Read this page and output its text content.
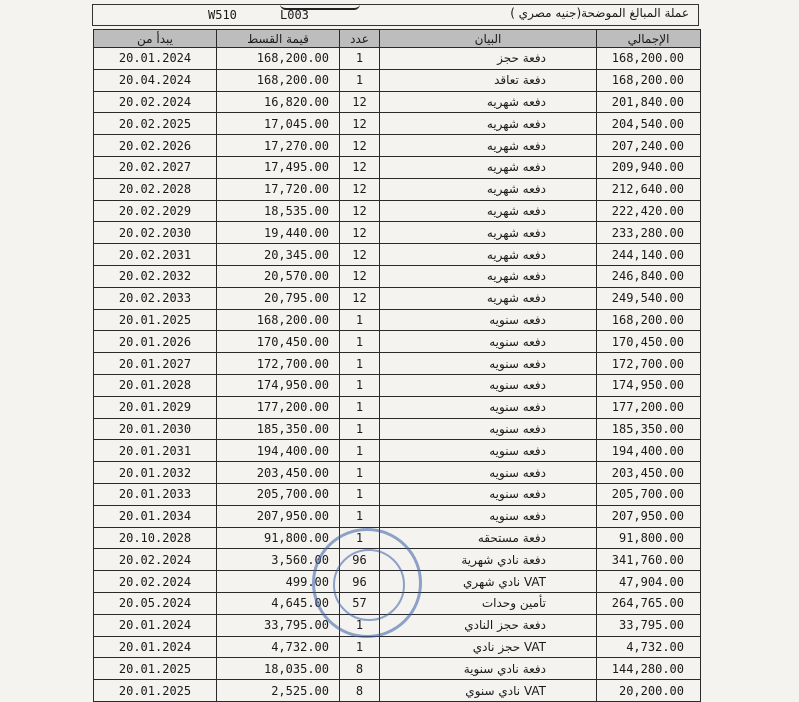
W510	L003	عملة المبالغ الموضحة(جنيه مصري )
يبدأ من	قيمة القسط	عدد	البيان	الإجمالي
20.01.2024	168,200.00	1	دفعة حجز	168,200.00
20.04.2024	168,200.00	1	دفعة تعاقد	168,200.00
20.02.2024	16,820.00	12	دفعه شهريه	201,840.00
20.02.2025	17,045.00	12	دفعه شهريه	204,540.00
20.02.2026	17,270.00	12	دفعه شهريه	207,240.00
20.02.2027	17,495.00	12	دفعه شهريه	209,940.00
20.02.2028	17,720.00	12	دفعه شهريه	212,640.00
20.02.2029	18,535.00	12	دفعه شهريه	222,420.00
20.02.2030	19,440.00	12	دفعه شهريه	233,280.00
20.02.2031	20,345.00	12	دفعه شهريه	244,140.00
20.02.2032	20,570.00	12	دفعه شهريه	246,840.00
20.02.2033	20,795.00	12	دفعه شهريه	249,540.00
20.01.2025	168,200.00	1	دفعه سنويه	168,200.00
20.01.2026	170,450.00	1	دفعه سنويه	170,450.00
20.01.2027	172,700.00	1	دفعه سنويه	172,700.00
20.01.2028	174,950.00	1	دفعه سنويه	174,950.00
20.01.2029	177,200.00	1	دفعه سنويه	177,200.00
20.01.2030	185,350.00	1	دفعه سنويه	185,350.00
20.01.2031	194,400.00	1	دفعه سنويه	194,400.00
20.01.2032	203,450.00	1	دفعه سنويه	203,450.00
20.01.2033	205,700.00	1	دفعه سنويه	205,700.00
20.01.2034	207,950.00	1	دفعه سنويه	207,950.00
20.10.2028	91,800.00	1	دفعة مستحقه	91,800.00
20.02.2024	3,560.00	96	دفعة نادي شهرية	341,760.00
20.02.2024	499.00	96	VAT نادي شهري	47,904.00
20.05.2024	4,645.00	57	تأمين وحدات	264,765.00
20.01.2024	33,795.00	1	دفعة حجز النادي	33,795.00
20.01.2024	4,732.00	1	VAT حجز نادي	4,732.00
20.01.2025	18,035.00	8	دفعة نادي سنوية	144,280.00
20.01.2025	2,525.00	8	VAT نادي سنوي	20,200.00
